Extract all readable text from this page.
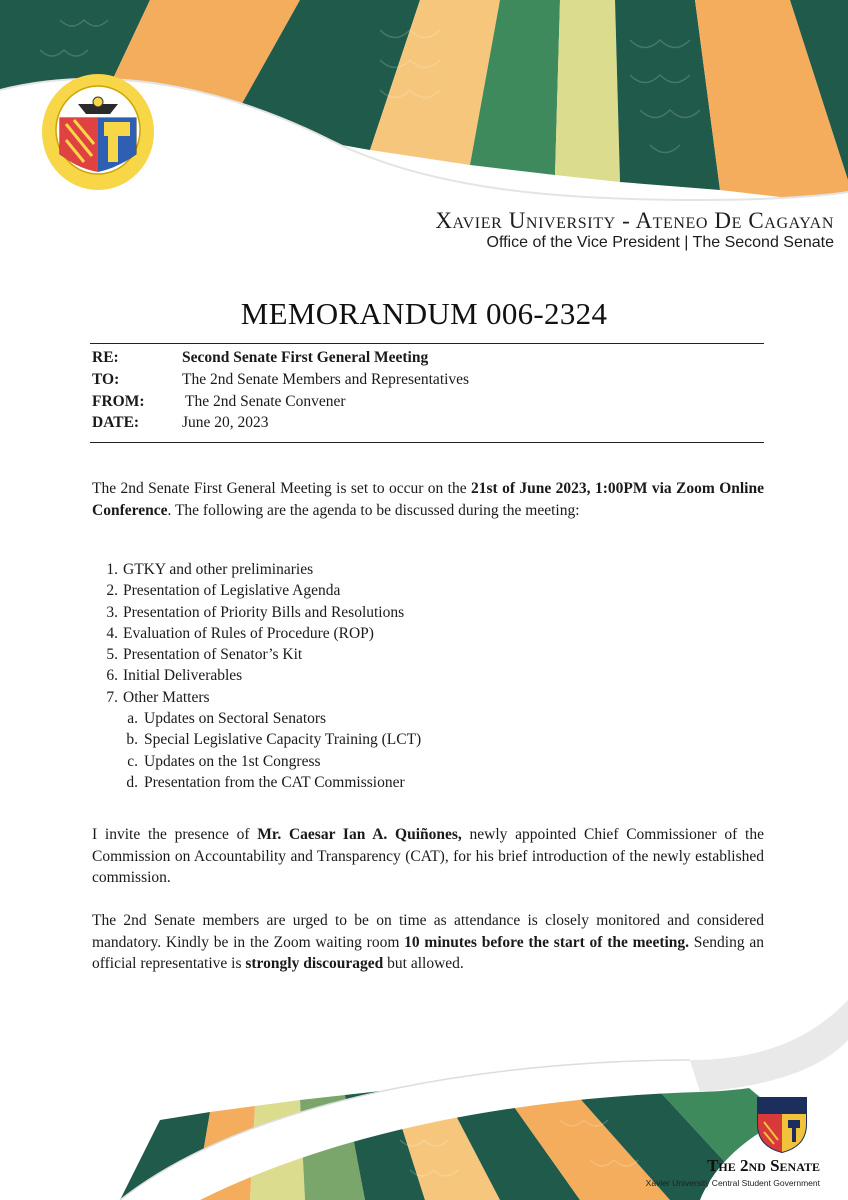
Xavier University - Ateneo De Cagayan
Office of the Vice President | The Second Senate
MEMORANDUM 006-2324
RE:	Second Senate First General Meeting
TO:	The 2nd Senate Members and Representatives
FROM:	The 2nd Senate Convener
DATE:	June 20, 2023

The 2nd Senate First General Meeting is set to occur on the 21st of June 2023, 1:00PM via Zoom Online Conference. The following are the agenda to be discussed during the meeting:

1. GTKY and other preliminaries
2. Presentation of Legislative Agenda
3. Presentation of Priority Bills and Resolutions
4. Evaluation of Rules of Procedure (ROP)
5. Presentation of Senator’s Kit
6. Initial Deliverables
7. Other Matters
a. Updates on Sectoral Senators
b. Special Legislative Capacity Training (LCT)
c. Updates on the 1st Congress
d. Presentation from the CAT Commissioner

I invite the presence of Mr. Caesar Ian A. Quiñones, newly appointed Chief Commissioner of the Commission on Accountability and Transparency (CAT), for his brief introduction of the newly established commission.

The 2nd Senate members are urged to be on time as attendance is closely monitored and considered mandatory. Kindly be in the Zoom waiting room 10 minutes before the start of the meeting. Sending an official representative is strongly discouraged but allowed.

The 2nd Senate
Xavier University Central Student Government
